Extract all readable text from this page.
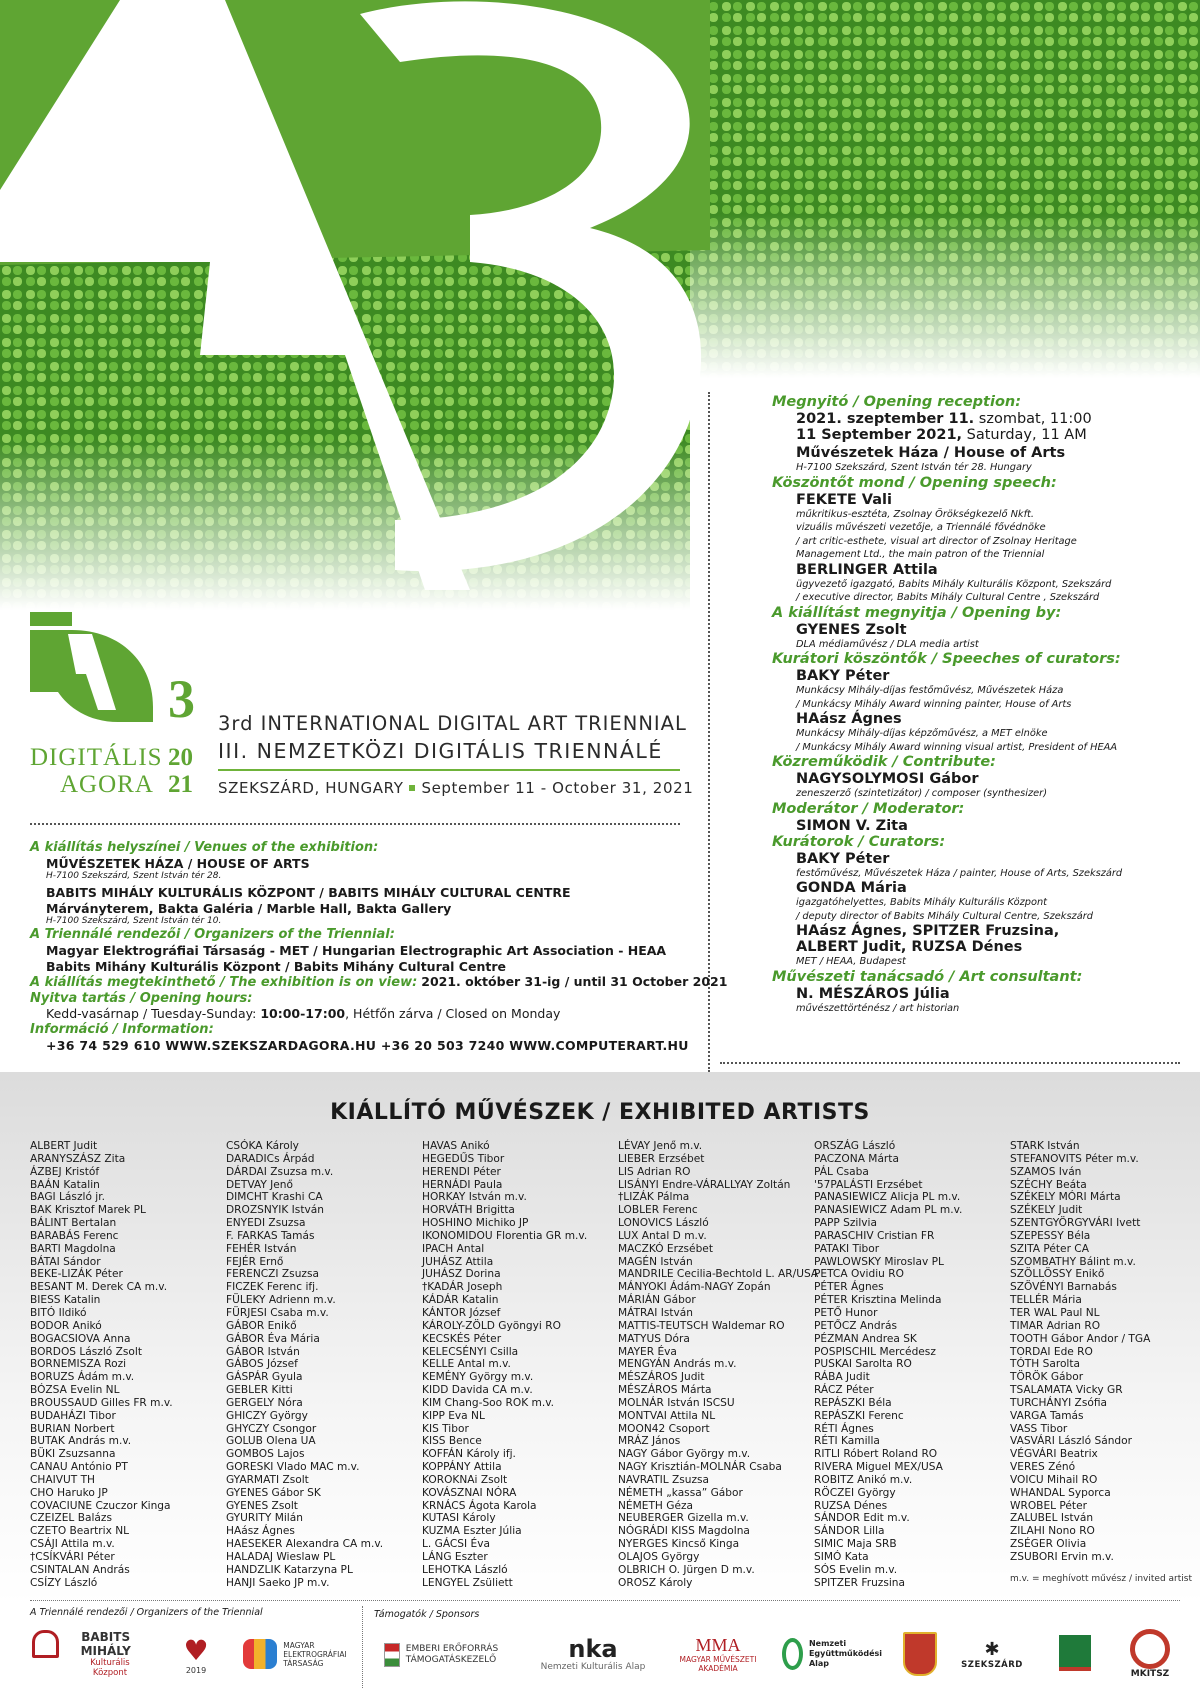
3
DIGITÁLIS
AGORA
20
21
3rd INTERNATIONAL DIGITAL ART TRIENNIAL
III. NEMZETKÖZI DIGITÁLIS TRIENNÁLÉ
SZEKSZÁRD, HUNGARY September 11 - October 31, 2021
A kiállítás helyszínei / Venues of the exhibition:
MŰVÉSZETEK HÁZA / HOUSE OF ARTS
H-7100 Szekszárd, Szent István tér 28.
BABITS MIHÁLY KULTURÁLIS KÖZPONT / BABITS MIHÁLY CULTURAL CENTRE
Márványterem, Bakta Galéria / Marble Hall, Bakta Gallery
H-7100 Szekszárd, Szent István tér 10.
A Triennálé rendezői / Organizers of the Triennial:
Magyar Elektrográfiai Társaság - MET / Hungarian Electrographic Art Association - HEAA
Babits Mihány Kulturális Központ / Babits Mihány Cultural Centre
A kiállítás megtekinthető / The exhibition is on view: 2021. október 31-ig / until 31 October 2021
Nyitva tartás / Opening hours:
Kedd-vasárnap / Tuesday-Sunday: 10:00-17:00, Hétfőn zárva / Closed on Monday
Információ / Information:
+36 74 529 610 WWW.SZEKSZARDAGORA.HU +36 20 503 7240 WWW.COMPUTERART.HU
Megnyitó / Opening reception:
2021. szeptember 11. szombat, 11:00
11 September 2021, Saturday, 11 AM
Művészetek Háza / House of Arts
H-7100 Szekszárd, Szent István tér 28. Hungary
Köszöntőt mond / Opening speech:
FEKETE Vali
műkritikus-esztéta, Zsolnay Örökségkezelő Nkft.
vizuális művészeti vezetője, a Triennálé fővédnöke
/ art critic-esthete, visual art director of Zsolnay Heritage
Management Ltd., the main patron of the Triennial
BERLINGER Attila
ügyvezető igazgató, Babits Mihály Kulturális Központ, Szekszárd
/ executive director, Babits Mihály Cultural Centre , Szekszárd
A kiállítást megnyitja / Opening by:
GYENES Zsolt
DLA médiaművész / DLA media artist
Kurátori köszöntők / Speeches of curators:
BAKY Péter
Munkácsy Mihály-díjas festőművész, Művészetek Háza
/ Munkácsy Mihály Award winning painter, House of Arts
HAász Ágnes
Munkácsy Mihály-díjas képzőművész, a MET elnöke
/ Munkácsy Mihály Award winning visual artist, President of HEAA
Közreműködik / Contribute:
NAGYSOLYMOSI Gábor
zeneszerző (szintetizátor) / composer (synthesizer)
Moderátor / Moderator:
SIMON V. Zita
Kurátorok / Curators:
BAKY Péter
festőművész, Művészetek Háza / painter, House of Arts, Szekszárd
GONDA Mária
igazgatóhelyettes, Babits Mihály Kulturális Központ
/ deputy director of Babits Mihály Cultural Centre, Szekszárd
HAász Ágnes, SPITZER Fruzsina,
ALBERT Judit, RUZSA Dénes
MET / HEAA, Budapest
Művészeti tanácsadó / Art consultant:
N. MÉSZÁROS Júlia
művészettörténész / art historian
KIÁLLÍTÓ MŰVÉSZEK / EXHIBITED ARTISTS
ALBERT Judit
ARANYSZÁSZ Zita
ÁZBEJ Kristóf
BAÁN Katalin
BAGI László jr.
BAK Krisztof Marek PL
BÁLINT Bertalan
BARABÁS Ferenc
BARTI Magdolna
BÁTAI Sándor
BEKE-LIZÁK Péter
BESANT M. Derek CA m.v.
BIESS Katalin
BITÓ Ildikó
BODOR Anikó
BOGACSIOVA Anna
BORDOS László Zsolt
BORNEMISZA Rozi
BORUZS Ádám m.v.
BÓZSA Evelin NL
BROUSSAUD Gilles FR m.v.
BUDAHÁZI Tibor
BURIAN Norbert
BUTAK András m.v.
BÜKI Zsuzsanna
CANAU António PT
CHAIVUT TH
CHO Haruko JP
COVACIUNE Czuczor Kinga
CZEIZEL Balázs
CZETO Beartrix NL
CSÁJI Attila m.v.
†CSÍKVÁRI Péter
CSINTALAN András
CSÍZY László
CSÓKA Károly
DARADICs Árpád
DÁRDAI Zsuzsa m.v.
DETVAY Jenő
DIMCHT Krashi CA
DROZSNYIK István
ENYEDI Zsuzsa
F. FARKAS Tamás
FEHÉR István
FEJÉR Ernő
FERENCZI Zsuzsa
FICZEK Ferenc ifj.
FÜLEKY Adrienn m.v.
FÜRJESI Csaba m.v.
GÁBOR Enikő
GÁBOR Éva Mária
GÁBOR István
GÁBOS József
GÁSPÁR Gyula
GEBLER Kitti
GERGELY Nóra
GHICZY György
GHYCZY Csongor
GOLUB Olena UA
GOMBOS Lajos
GORESKI Vlado MAC m.v.
GYARMATI Zsolt
GYENES Gábor SK
GYENES Zsolt
GYURITY Milán
HAász Ágnes
HAESEKER Alexandra CA m.v.
HALADAJ Wieslaw PL
HANDZLIK Katarzyna PL
HANJI Saeko JP m.v.
HAVAS Anikó
HEGEDŰS Tibor
HERENDI Péter
HERNÁDI Paula
HORKAY István m.v.
HORVÁTH Brigitta
HOSHINO Michiko JP
IKONOMIDOU Florentia GR m.v.
IPACH Antal
JUHÁSZ Attila
JUHÁSZ Dorina
†KADÁR Joseph
KÁDÁR Katalin
KÁNTOR József
KÁROLY-ZÖLD Gyöngyi RO
KECSKÉS Péter
KELECSÉNYI Csilla
KELLE Antal m.v.
KEMÉNY György m.v.
KIDD Davida CA m.v.
KIM Chang-Soo ROK m.v.
KIPP Eva NL
KIS Tibor
KISS Bence
KOFFÁN Károly ifj.
KOPPÁNY Attila
KOROKNAi Zsolt
KOVÁSZNAI NÓRA
KRNÁCS Ágota Karola
KUTASI Károly
KUZMA Eszter Júlia
L. GÁCSI Éva
LÁNG Eszter
LEHOTKA László
LENGYEL Zsüliett
LÉVAY Jenő m.v.
LIEBER Erzsébet
LIS Adrian RO
LISÁNYI Endre-VÁRALLYAY Zoltán
†LIZÁK Pálma
LOBLER Ferenc
LONOVICS László
LUX Antal D m.v.
MACZKÓ Erzsébet
MAGÉN István
MANDRILE Cecilia-Bechtold L. AR/USA
MÁNYOKI Ádám-NAGY Zopán
MÁRIÁN Gábor
MÁTRAI István
MATTIS-TEUTSCH Waldemar RO
MATYUS Dóra
MAYER Éva
MENGYÁN András m.v.
MÉSZÁROS Judit
MÉSZÁROS Márta
MOLNÁR István ISCSU
MONTVAI Attila NL
MOON42 Csoport
MRÁZ János
NAGY Gábor György m.v.
NAGY Krisztián-MOLNÁR Csaba
NAVRATIL Zsuzsa
NÉMETH „kassa” Gábor
NÉMETH Géza
NEUBERGER Gizella m.v.
NÓGRÁDI KISS Magdolna
NYERGES Kincső Kinga
OLAJOS György
OLBRICH O. Jürgen D m.v.
OROSZ Károly
ORSZÁG László
PACZONA Márta
PÁL Csaba
'57PALÁSTI Erzsébet
PANASIEWICZ Alicja PL m.v.
PANASIEWICZ Adam PL m.v.
PAPP Szilvia
PARASCHIV Cristian FR
PATAKI Tibor
PAWLOWSKY Miroslav PL
PETCA Ovidiu RO
PÉTER Ágnes
PÉTER Krisztina Melinda
PETŐ Hunor
PETŐCZ András
PÉZMAN Andrea SK
POSPISCHIL Mercédesz
PUSKAI Sarolta RO
RÁBA Judit
RÁCZ Péter
REPÁSZKI Béla
REPÁSZKI Ferenc
RÉTI Ágnes
RÉTI Kamilla
RITLI Róbert Roland RO
RIVERA Miguel MEX/USA
ROBITZ Anikó m.v.
RÖCZEI György
RUZSA Dénes
SÁNDOR Edit m.v.
SÁNDOR Lilla
SIMIC Maja SRB
SIMÓ Kata
SÓS Evelin m.v.
SPITZER Fruzsina
STARK István
STEFANOVITS Péter m.v.
SZAMOS Iván
SZÉCHY Beáta
SZÉKELY MÓRI Márta
SZÉKELY Judit
SZENTGYÖRGYVÁRI Ivett
SZEPESSY Béla
SZITA Péter CA
SZOMBATHY Bálint m.v.
SZÖLLÖSSY Enikő
SZÖVÉNYI Barnabás
TELLÉR Mária
TER WAL Paul NL
TIMAR Adrian RO
TOOTH Gábor Andor / TGA
TORDAI Ede RO
TÓTH Sarolta
TÖRÖK Gábor
TSALAMATA Vicky GR
TURCHÁNYI Zsófia
VARGA Tamás
VASS Tibor
VASVÁRI László Sándor
VÉGVÁRI Beatrix
VERES Zénó
VOICU Mihail RO
WHANDAL Syporca
WROBEL Péter
ZALUBEL István
ZILAHI Nono RO
ZSÉGER Olivia
ZSUBORI Ervin m.v.
m.v. = meghívott művész / invited artist
A Triennálé rendezői / Organizers of the Triennial	Támogatók / Sponsors
BABITS MIHÁLY
Kulturális Központ
♥
2019
MAGYAR
ELEKTROGRÁFIAI
TÁRSASÁG
EMBERI ERŐFORRÁS
TÁMOGATÁSKEZELŐ	nka
Nemzeti Kulturális Alap
MMA
MAGYAR MŰVÉSZETI
AKADÉMIA
Nemzeti
Együttműködési
Alap
✱
SZEKSZÁRD
MKITSZ
